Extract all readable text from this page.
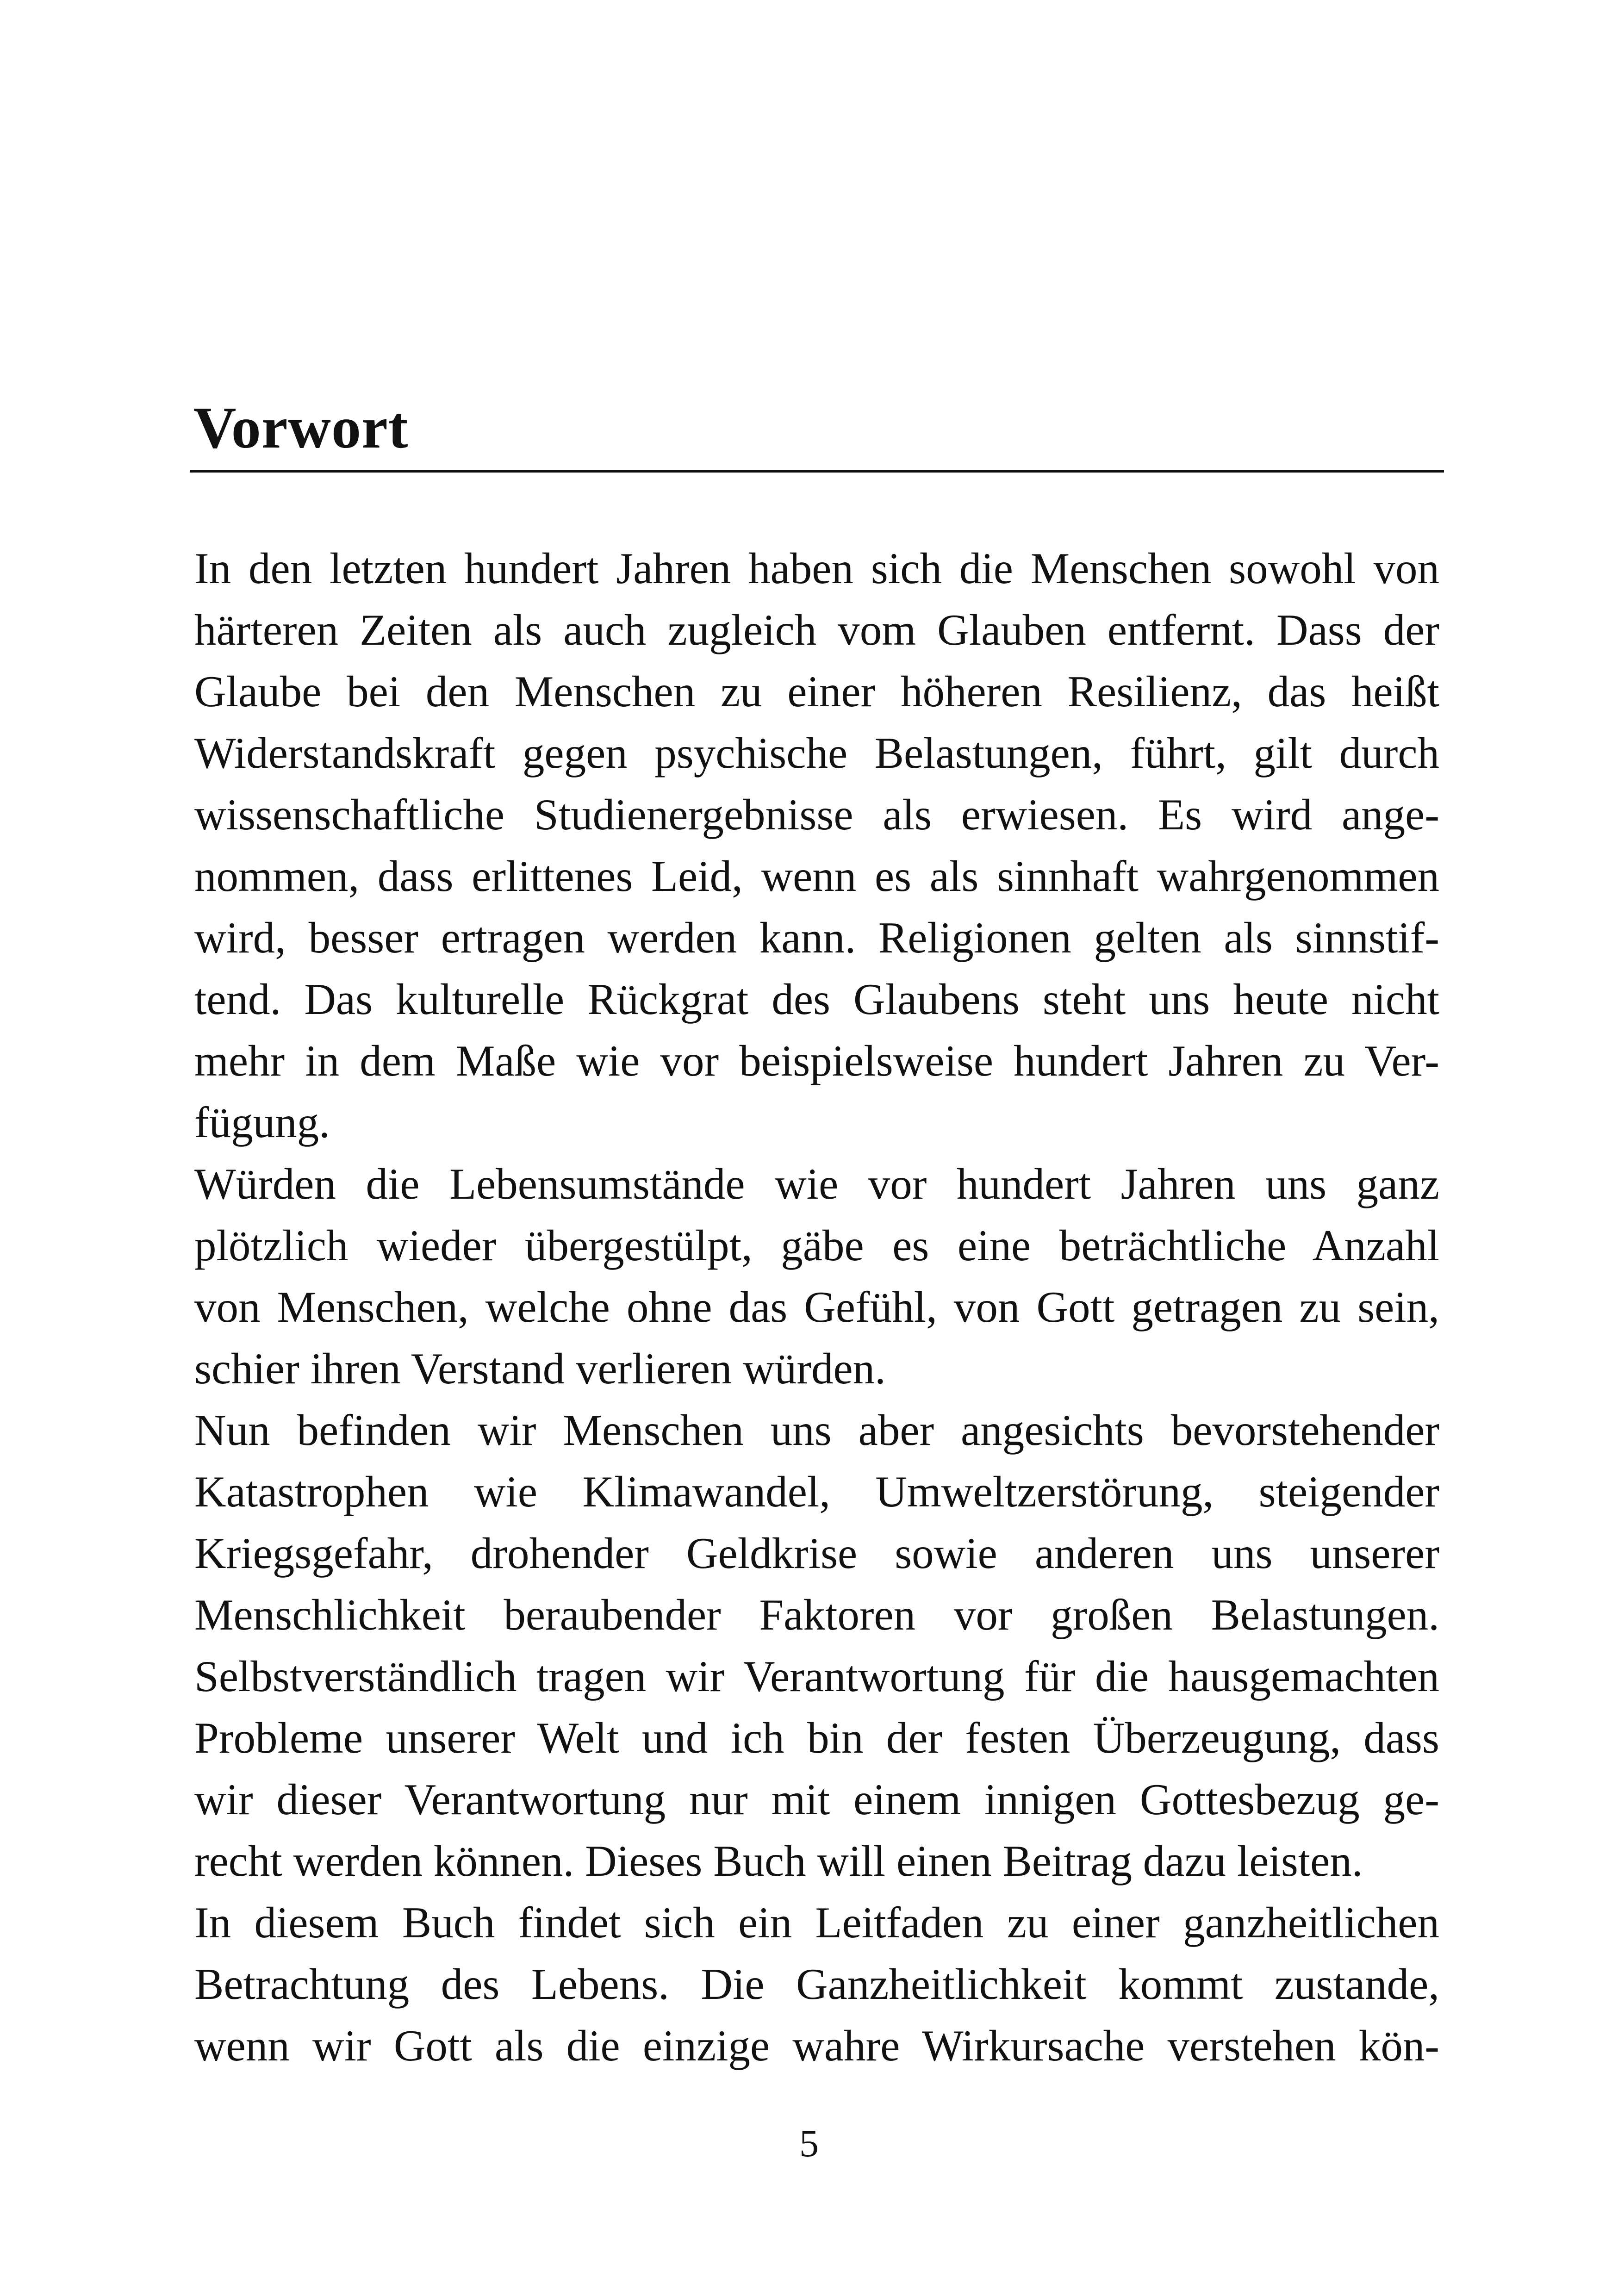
Vorwort
In den letzten hundert Jahren haben sich die Menschen sowohl von
härteren Zeiten als auch zugleich vom Glauben entfernt. Dass der
Glaube bei den Menschen zu einer höheren Resilienz, das heißt
Widerstandskraft gegen psychische Belastungen, führt, gilt durch
wissenschaftliche Studienergebnisse als erwiesen. Es wird ange-
nommen, dass erlittenes Leid, wenn es als sinnhaft wahrgenommen
wird, besser ertragen werden kann. Religionen gelten als sinnstif-
tend. Das kulturelle Rückgrat des Glaubens steht uns heute nicht
mehr in dem Maße wie vor beispielsweise hundert Jahren zu Ver-
fügung.
Würden die Lebensumstände wie vor hundert Jahren uns ganz
plötzlich wieder übergestülpt, gäbe es eine beträchtliche Anzahl
von Menschen, welche ohne das Gefühl, von Gott getragen zu sein,
schier ihren Verstand verlieren würden.
Nun befinden wir Menschen uns aber angesichts bevorstehender
Katastrophen wie Klimawandel, Umweltzerstörung, steigender
Kriegsgefahr, drohender Geldkrise sowie anderen uns unserer
Menschlichkeit beraubender Faktoren vor großen Belastungen.
Selbstverständlich tragen wir Verantwortung für die hausgemachten
Probleme unserer Welt und ich bin der festen Überzeugung, dass
wir dieser Verantwortung nur mit einem innigen Gottesbezug ge-
recht werden können. Dieses Buch will einen Beitrag dazu leisten.
In diesem Buch findet sich ein Leitfaden zu einer ganzheitlichen
Betrachtung des Lebens. Die Ganzheitlichkeit kommt zustande,
wenn wir Gott als die einzige wahre Wirkursache verstehen kön-
5
